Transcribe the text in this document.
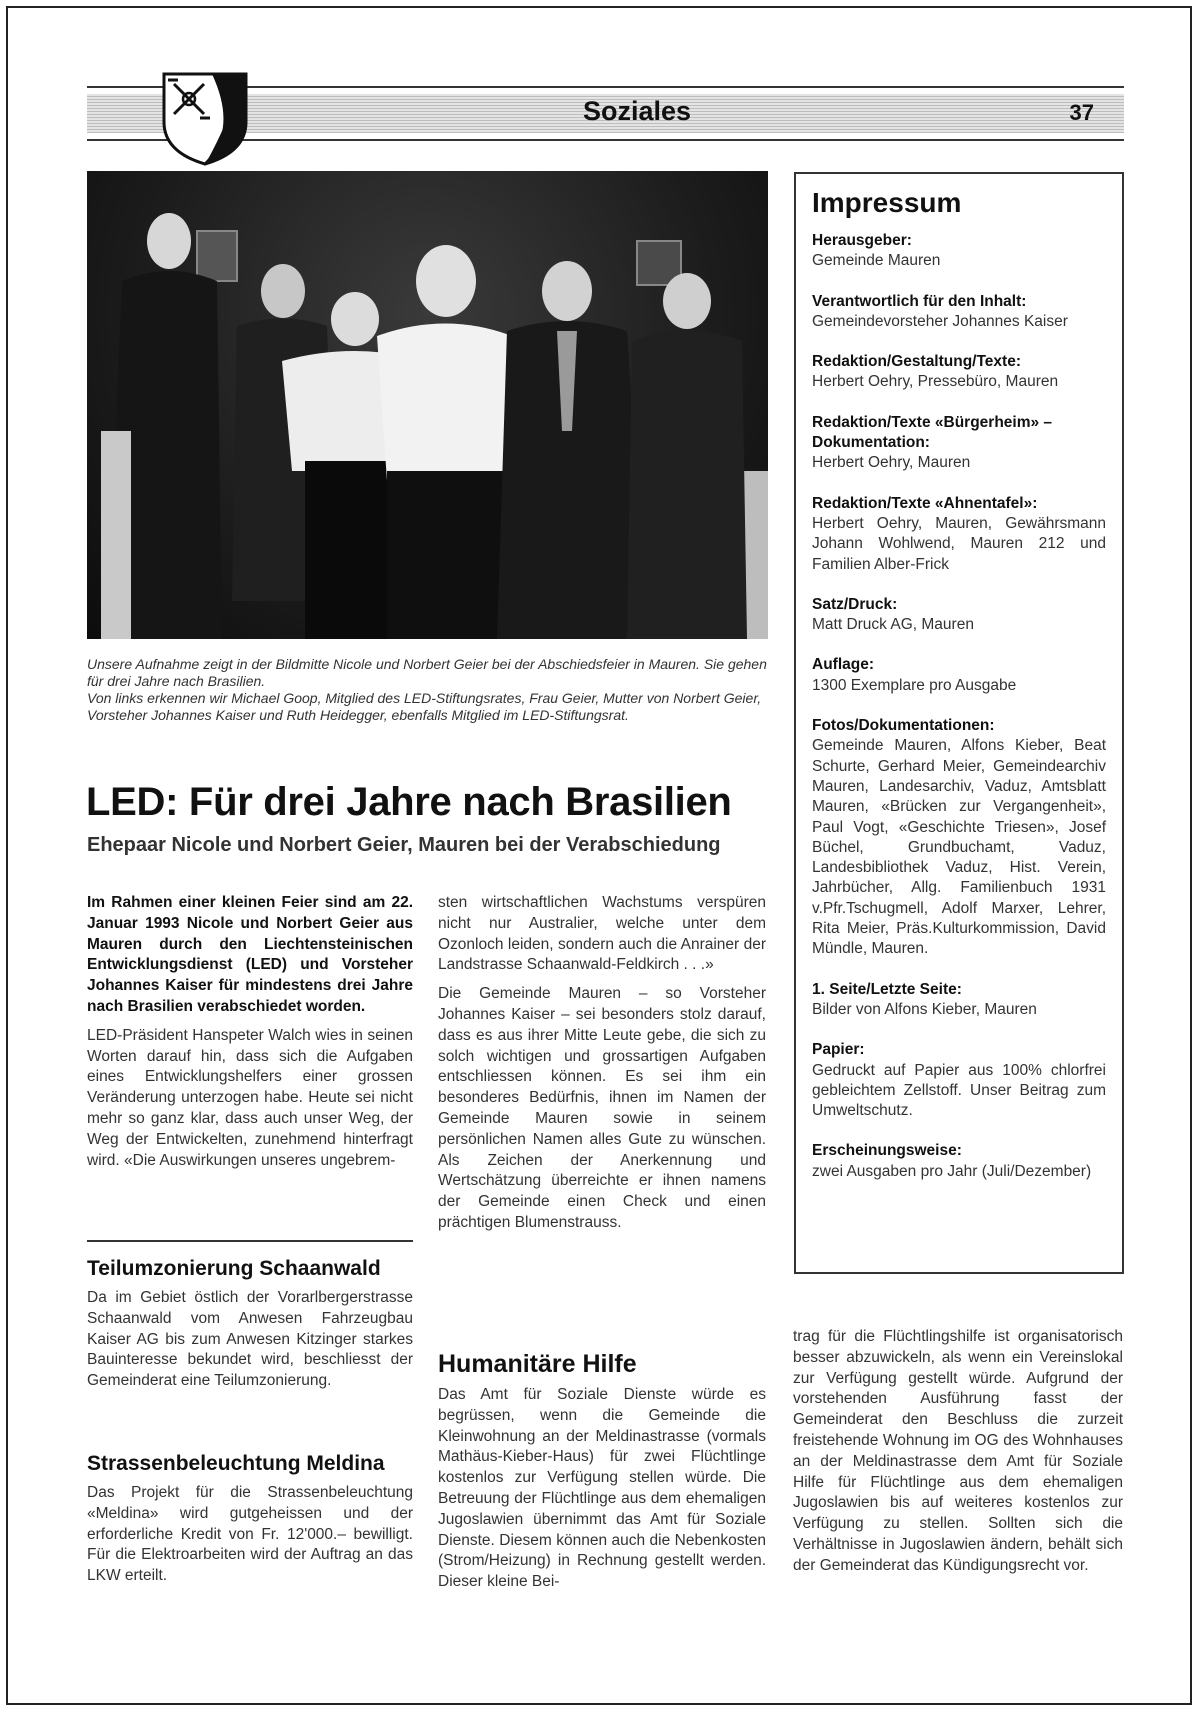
Soziales	37

Unsere Aufnahme zeigt in der Bildmitte Nicole und Norbert Geier bei der Abschiedsfeier in Mauren. Sie gehen für drei Jahre nach Brasilien.

Von links erkennen wir Michael Goop, Mitglied des LED-Stiftungsrates, Frau Geier, Mutter von Norbert Geier, Vorsteher Johannes Kaiser und Ruth Heidegger, ebenfalls Mitglied im LED-Stiftungsrat.

LED: Für drei Jahre nach Brasilien
Ehepaar Nicole und Norbert Geier, Mauren bei der Verabschiedung

Im Rahmen einer kleinen Feier sind am 22. Januar 1993 Nicole und Norbert Geier aus Mauren durch den Liechtensteinischen Entwicklungsdienst (LED) und Vorsteher Johannes Kaiser für mindestens drei Jahre nach Brasilien verabschiedet worden.

LED-Präsident Hanspeter Walch wies in seinen Worten darauf hin, dass sich die Aufgaben eines Entwicklungshelfers einer grossen Veränderung unterzogen habe. Heute sei nicht mehr so ganz klar, dass auch unser Weg, der Weg der Entwickelten, zunehmend hinterfragt wird. «Die Auswirkungen unseres ungebrem-

sten wirtschaftlichen Wachstums verspüren nicht nur Australier, welche unter dem Ozonloch leiden, sondern auch die Anrainer der Landstrasse Schaanwald-Feldkirch . . .»

Die Gemeinde Mauren – so Vorsteher Johannes Kaiser – sei besonders stolz darauf, dass es aus ihrer Mitte Leute gebe, die sich zu solch wichtigen und grossartigen Aufgaben entschliessen können. Es sei ihm ein besonderes Bedürfnis, ihnen im Namen der Gemeinde Mauren sowie in seinem persönlichen Namen alles Gute zu wünschen. Als Zeichen der Anerkennung und Wertschätzung überreichte er ihnen namens der Gemeinde einen Check und einen prächtigen Blumenstrauss.

Teilumzonierung Schaanwald

Da im Gebiet östlich der Vorarlbergerstrasse Schaanwald vom Anwesen Fahrzeugbau Kaiser AG bis zum Anwesen Kitzinger starkes Bauinteresse bekundet wird, beschliesst der Gemeinderat eine Teilumzonierung.

Strassenbeleuchtung Meldina

Das Projekt für die Strassenbeleuchtung «Meldina» wird gutgeheissen und der erforderliche Kredit von Fr. 12'000.– bewilligt. Für die Elektroarbeiten wird der Auftrag an das LKW erteilt.

Humanitäre Hilfe

Das Amt für Soziale Dienste würde es begrüssen, wenn die Gemeinde die Kleinwohnung an der Meldinastrasse (vormals Mathäus-Kieber-Haus) für zwei Flüchtlinge kostenlos zur Verfügung stellen würde. Die Betreuung der Flüchtlinge aus dem ehemaligen Jugoslawien übernimmt das Amt für Soziale Dienste. Diesem können auch die Nebenkosten (Strom/Heizung) in Rechnung gestellt werden. Dieser kleine Bei-

trag für die Flüchtlingshilfe ist organisatorisch besser abzuwickeln, als wenn ein Vereinslokal zur Verfügung gestellt würde. Aufgrund der vorstehenden Ausführung fasst der Gemeinderat den Beschluss die zurzeit freistehende Wohnung im OG des Wohnhauses an der Meldinastrasse dem Amt für Soziale Hilfe für Flüchtlinge aus dem ehemaligen Jugoslawien bis auf weiteres kostenlos zur Verfügung zu stellen. Sollten sich die Verhältnisse in Jugoslawien ändern, behält sich der Gemeinderat das Kündigungsrecht vor.

Impressum
Herausgeber:
Gemeinde Mauren
Verantwortlich für den Inhalt:
Gemeindevorsteher Johannes Kaiser
Redaktion/Gestaltung/Texte:
Herbert Oehry, Pressebüro, Mauren
Redaktion/Texte «Bürgerheim» – Dokumentation:
Herbert Oehry, Mauren
Redaktion/Texte «Ahnentafel»:
Herbert Oehry, Mauren, Gewährsmann Johann Wohlwend, Mauren 212 und Familien Alber-Frick
Satz/Druck:
Matt Druck AG, Mauren
Auflage:
1300 Exemplare pro Ausgabe
Fotos/Dokumentationen:
Gemeinde Mauren, Alfons Kieber, Beat Schurte, Gerhard Meier, Gemeindearchiv Mauren, Landesarchiv, Vaduz, Amtsblatt Mauren, «Brücken zur Vergangenheit», Paul Vogt, «Geschichte Triesen», Josef Büchel, Grundbuchamt, Vaduz, Landesbibliothek Vaduz, Hist. Verein, Jahrbücher, Allg. Familienbuch 1931 v.Pfr.Tschugmell, Adolf Marxer, Lehrer, Rita Meier, Präs.Kulturkommission, David Mündle, Mauren.
1. Seite/Letzte Seite:
Bilder von Alfons Kieber, Mauren
Papier:
Gedruckt auf Papier aus 100% chlorfrei gebleichtem Zellstoff. Unser Beitrag zum Umweltschutz.
Erscheinungsweise:
zwei Ausgaben pro Jahr (Juli/Dezember)
